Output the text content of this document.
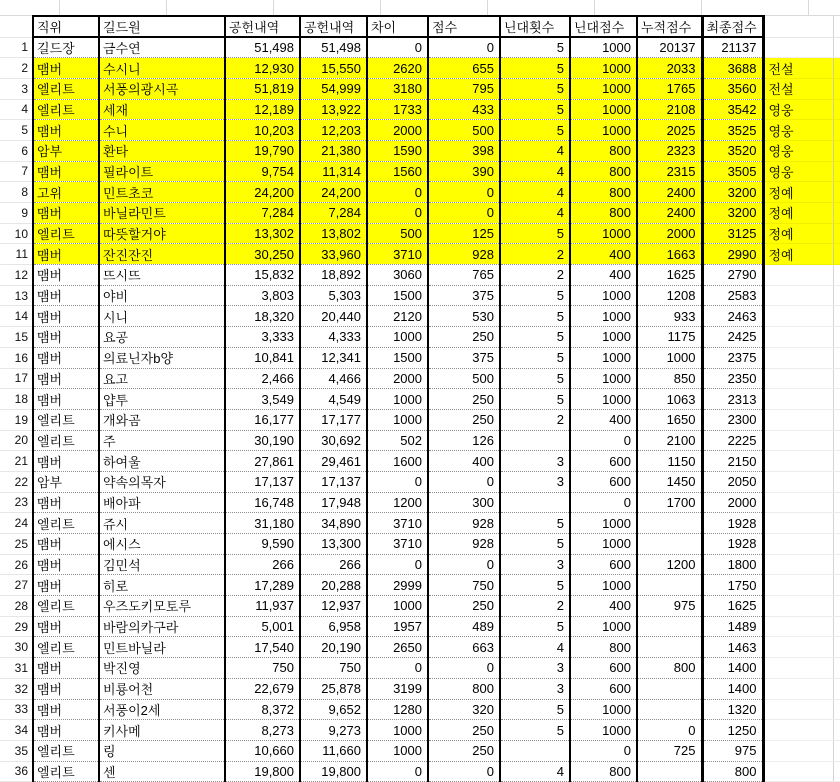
	직위	길드원	공헌내역	공헌내역	차이	점수	닌대횟수	닌대점수	누적점수	최종점수		
1	길드장	금수연	51,498	51,498	0	0	5	1000	20137	21137		
2	맴버	수시니	12,930	15,550	2620	655	5	1000	2033	3688	전설	
3	엘리트	서풍의광시곡	51,819	54,999	3180	795	5	1000	1765	3560	전설	
4	엘리트	세재	12,189	13,922	1733	433	5	1000	2108	3542	영웅	
5	맴버	수니	10,203	12,203	2000	500	5	1000	2025	3525	영웅	
6	암부	환타	19,790	21,380	1590	398	4	800	2323	3520	영웅	
7	맴버	필라이트	9,754	11,314	1560	390	4	800	2315	3505	영웅	
8	고위	민트초코	24,200	24,200	0	0	4	800	2400	3200	정예	
9	맴버	바닐라민트	7,284	7,284	0	0	4	800	2400	3200	정예	
10	엘리트	따뜻할거야	13,302	13,802	500	125	5	1000	2000	3125	정예	
11	맴버	잔진잔진	30,250	33,960	3710	928	2	400	1663	2990	정예	
12	맴버	뜨시뜨	15,832	18,892	3060	765	2	400	1625	2790		
13	맴버	야비	3,803	5,303	1500	375	5	1000	1208	2583		
14	맴버	시니	18,320	20,440	2120	530	5	1000	933	2463		
15	맴버	요공	3,333	4,333	1000	250	5	1000	1175	2425		
16	맴버	의료닌자b양	10,841	12,341	1500	375	5	1000	1000	2375		
17	맴버	요고	2,466	4,466	2000	500	5	1000	850	2350		
18	맴버	얍투	3,549	4,549	1000	250	5	1000	1063	2313		
19	엘리트	개와곰	16,177	17,177	1000	250	2	400	1650	2300		
20	엘리트	주	30,190	30,692	502	126		0	2100	2225		
21	맴버	하여울	27,861	29,461	1600	400	3	600	1150	2150		
22	암부	약속의목자	17,137	17,137	0	0	3	600	1450	2050		
23	맴버	배아파	16,748	17,948	1200	300		0	1700	2000		
24	엘리트	쥬시	31,180	34,890	3710	928	5	1000		1928		
25	맴버	에시스	9,590	13,300	3710	928	5	1000		1928		
26	맴버	김민석	266	266	0	0	3	600	1200	1800		
27	맴버	히로	17,289	20,288	2999	750	5	1000		1750		
28	엘리트	우즈도키모토루	11,937	12,937	1000	250	2	400	975	1625		
29	맴버	바람의카구라	5,001	6,958	1957	489	5	1000		1489		
30	엘리트	민트바닐라	17,540	20,190	2650	663	4	800		1463		
31	맴버	박진영	750	750	0	0	3	600	800	1400		
32	맴버	비룡어천	22,679	25,878	3199	800	3	600		1400		
33	맴버	서풍이2세	8,372	9,652	1280	320	5	1000		1320		
34	맴버	키사메	8,273	9,273	1000	250	5	1000	0	1250		
35	엘리트	링	10,660	11,660	1000	250		0	725	975		
36	엘리트	센	19,800	19,800	0	0	4	800		800		
